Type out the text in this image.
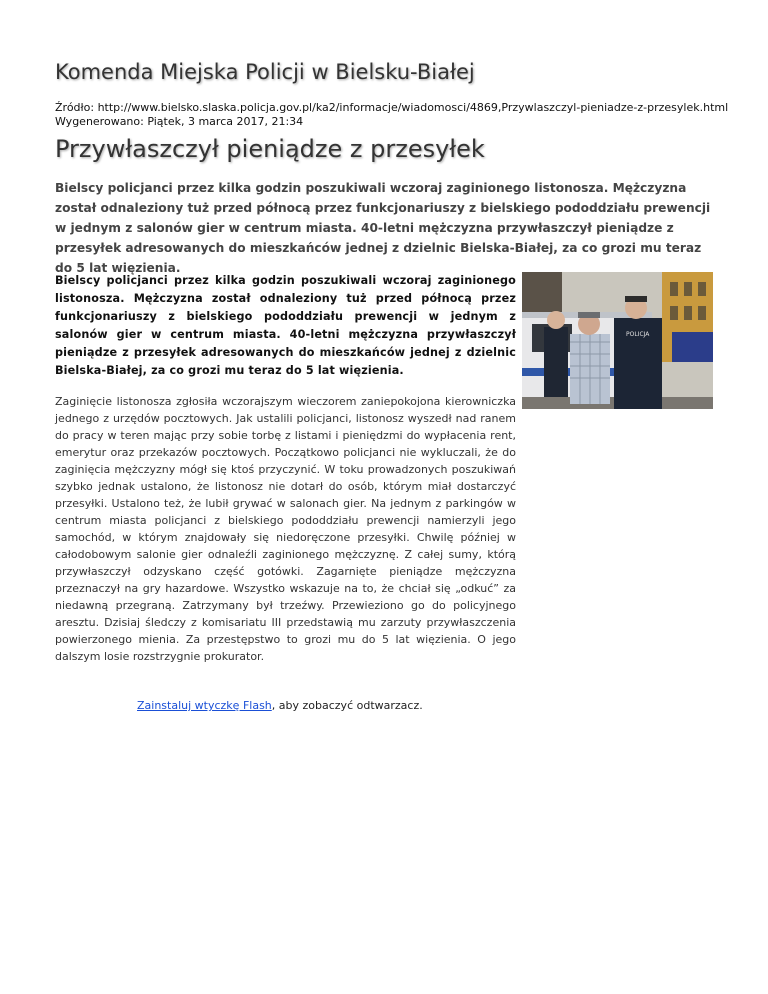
Komenda Miejska Policji w Bielsku-Białej
Źródło: http://www.bielsko.slaska.policja.gov.pl/ka2/informacje/wiadomosci/4869,Przywlaszczyl-pieniadze-z-przesylek.html
Wygenerowano: Piątek, 3 marca 2017, 21:34
Przywłaszczył pieniądze z przesyłek
Bielscy policjanci przez kilka godzin poszukiwali wczoraj zaginionego listonosza. Mężczyzna został odnaleziony tuż przed północą przez funkcjonariuszy z bielskiego pododdziału prewencji w jednym z salonów gier w centrum miasta. 40-letni mężczyzna przywłaszczył pieniądze z przesyłek adresowanych do mieszkańców jednej z dzielnic Bielska-Białej, za co grozi mu teraz do 5 lat więzienia.
Bielscy policjanci przez kilka godzin poszukiwali wczoraj zaginionego listonosza. Mężczyzna został odnaleziony tuż przed północą przez funkcjonariuszy z bielskiego pododdziału prewencji w jednym z salonów gier w centrum miasta. 40-letni mężczyzna przywłaszczył pieniądze z przesyłek adresowanych do mieszkańców jednej z dzielnic Bielska-Białej, za co grozi mu teraz do 5 lat więzienia.
POLICJA
Zaginięcie listonosza zgłosiła wczorajszym wieczorem zaniepokojona kierowniczka jednego z urzędów pocztowych. Jak ustalili policjanci, listonosz wyszedł nad ranem do pracy w teren mając przy sobie torbę z listami i pieniędzmi do wypłacenia rent, emerytur oraz przekazów pocztowych. Początkowo policjanci nie wykluczali, że do zaginięcia mężczyzny mógł się ktoś przyczynić. W toku prowadzonych poszukiwań szybko jednak ustalono, że listonosz nie dotarł do osób, którym miał dostarczyć przesyłki. Ustalono też, że lubił grywać w salonach gier. Na jednym z parkingów w centrum miasta policjanci z bielskiego pododdziału prewencji namierzyli jego samochód, w którym znajdowały się niedoręczone przesyłki. Chwilę później w całodobowym salonie gier odnaleźli zaginionego mężczyznę. Z całej sumy, którą przywłaszczył odzyskano część gotówki. Zagarnięte pieniądze mężczyzna przeznaczył na gry hazardowe. Wszystko wskazuje na to, że chciał się „odkuć” za niedawną przegraną. Zatrzymany był trzeźwy. Przewieziono go do policyjnego aresztu. Dzisiaj śledczy z komisariatu III przedstawią mu zarzuty przywłaszczenia powierzonego mienia. Za przestępstwo to grozi mu do 5 lat więzienia. O jego dalszym losie rozstrzygnie prokurator.
Zainstaluj wtyczkę Flash, aby zobaczyć odtwarzacz.
